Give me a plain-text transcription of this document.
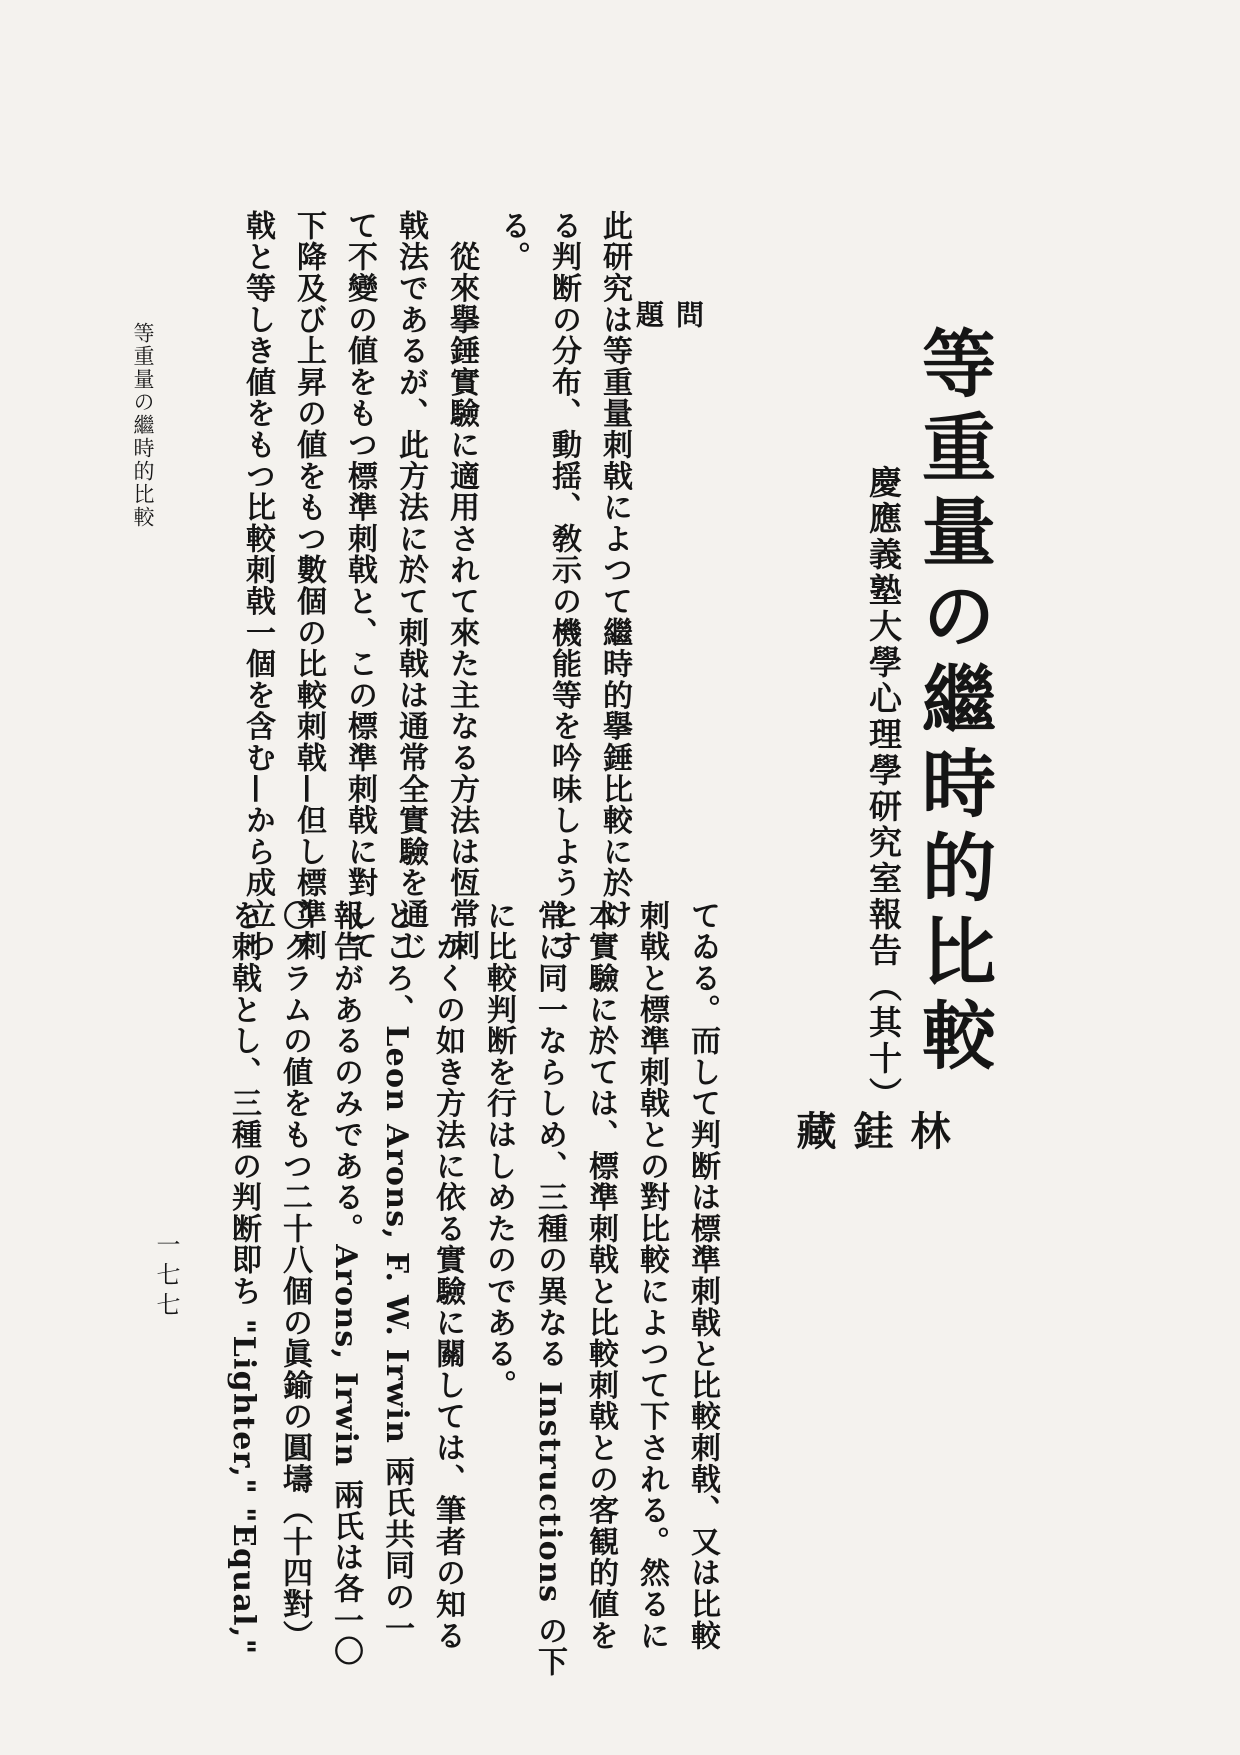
等重量の繼時的比較
慶應義塾大學心理學研究室報告（其十）
林
銈
藏
問
題

此研究は等重量刺戟によつて繼時的擧錘比較に於け

る判断の分布、動揺、敎示の機能等を吟味しようとす

る。

　從來擧錘實驗に適用されて來た主なる方法は恆常刺

戟法であるが、此方法に於て刺戟は通常全實驗を通じ

て不變の値をもつ標準刺戟と、この標準刺戟に對して

下降及び上昇の値をもつ數個の比較刺戟—但し標準刺

戟と等しき値をもつ比較刺戟一個を含む—から成立つ

てゐる。而して判断は標準刺戟と比較刺戟、又は比較

刺戟と標準刺戟との對比較によつて下される。然るに

本實驗に於ては、標準刺戟と比較刺戟との客観的値を

常に同一ならしめ、三種の異なる Instructions の下

に比較判断を行はしめたのである。

　かくの如き方法に依る實驗に關しては、筆者の知る

ところ、Leon Arons, F. W. Irwin 兩氏共同の一

報告があるのみである。Arons, Irwin 兩氏は各一〇

〇グラムの値をもつ二十八個の眞鍮の圓壔（十四對）

を刺戟とし、三種の判断即ち "Lighter," "Equal,"

等重量の繼時的比較
一七七
